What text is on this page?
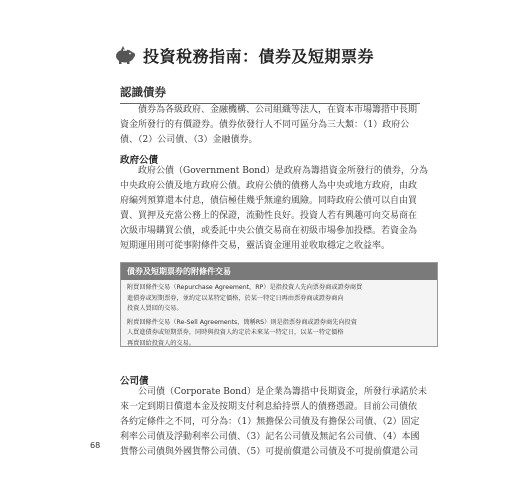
投資稅務指南：債券及短期票券
認識債券
債券為各級政府、金融機構、公司組織等法人，在資本市場籌措中長期
資金所發行的有價證券。債券依發行人不同可區分為三大類：（1）政府公
債、（2）公司債、（3）金融債券。
政府公債
政府公債（Government Bond）是政府為籌措資金所發行的債券，分為
中央政府公債及地方政府公債。政府公債的債務人為中央或地方政府，由政
府編列預算還本付息，債信極佳幾乎無違約風險。同時政府公債可以自由買
賣、買押及充當公務上的保證，流動性良好。投資人若有興趣可向交易商在
次級市場購買公債，或委託中央公債交易商在初級市場參加投標。若資金為
短期運用則可從事附條件交易，靈活資金運用並收取穩定之收益率。
債券及短期票券的附條件交易
附買回條件交易（Repurchase Agreement，RP）是指投資人先向票券商或證券商買
進債券或短期票券，並約定以某特定價格，於某一特定日再由票券商或證券商向
投資人買回的交易。
附賣回條件交易（Re-Sell Agreements，簡稱RS）則是指票券商或證券商先向投資
人買進債券或短期票券，同時與投資人約定於未來某一特定日，以某一特定價格
再賣回給投資人的交易。
公司債
公司債（Corporate Bond）是企業為籌措中長期資金，所發行承諾於未
來一定到期日償還本金及按期支付利息給持票人的債務憑證。目前公司債依
各約定條件之不同，可分為：（1）無擔保公司債及有擔保公司債、（2）固定
利率公司債及浮動利率公司債、（3）記名公司債及無記名公司債、（4）本國
貨幣公司債與外國貨幣公司債、（5）可提前償還公司債及不可提前償還公司
68
